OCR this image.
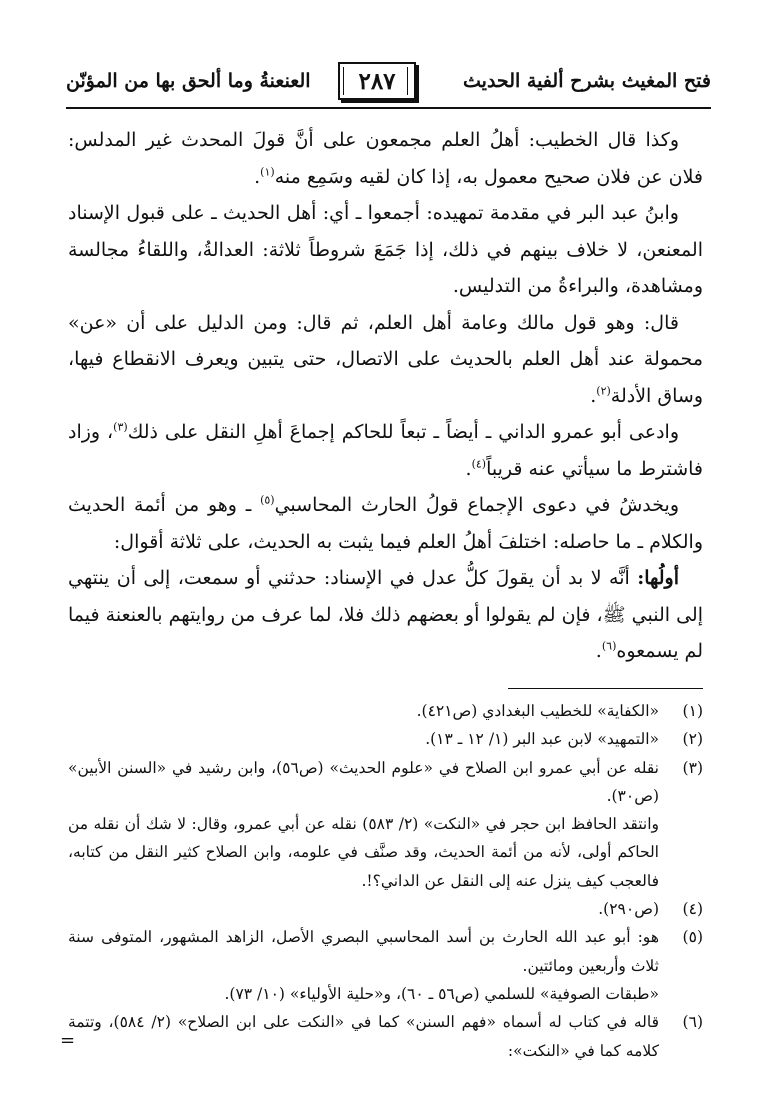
فتح المغيث بشرح ألفية الحديث
٢٨٧
العنعنةُ وما ألحق بها من المؤنّن

وكذا قال الخطيب: أهلُ العلم مجمعون على أنَّ قولَ المحدث غير المدلس: فلان عن فلان صحيح معمول به، إذا كان لقيه وسَمِع منه$^{(١)}$.

وابنُ عبد البر في مقدمة تمهيده: أجمعوا ـ أي: أهل الحديث ـ على قبول الإسناد المعنعن، لا خلاف بينهم في ذلك، إذا جَمَعَ شروطاً ثلاثة: العدالةُ، واللقاءُ مجالسة ومشاهدة، والبراءةُ من التدليس.

قال: وهو قول مالك وعامة أهل العلم، ثم قال: ومن الدليل على أن «عن» محمولة عند أهل العلم بالحديث على الاتصال، حتى يتبين ويعرف الانقطاع فيها، وساق الأدلة$^{(٢)}$.

وادعى أبو عمرو الداني ـ أيضاً ـ تبعاً للحاكم إجماعَ أهلِ النقل على ذلك$^{(٣)}$، وزاد فاشترط ما سيأتي عنه قريباً$^{(٤)}$.

ويخدشُ في دعوى الإجماع قولُ الحارث المحاسبي$^{(٥)}$ ـ وهو من أئمة الحديث والكلام ـ ما حاصله: اختلفَ أهلُ العلم فيما يثبت به الحديث، على ثلاثة أقوال:

أولُها: أنَّه لا بد أن يقولَ كلُّ عدل في الإسناد: حدثني أو سمعت، إلى أن ينتهي إلى النبي ﷺ، فإن لم يقولوا أو بعضهم ذلك فلا، لما عرف من روايتهم بالعنعنة فيما لم يسمعوه$^{(٦)}$.

(١)

«الكفاية» للخطيب البغدادي (ص٤٢١).

(٢)

«التمهيد» لابن عبد البر (١/ ١٢ ـ ١٣).

(٣)

نقله عن أبي عمرو ابن الصلاح في «علوم الحديث» (ص٥٦)، وابن رشيد في «السنن الأبين» (ص٣٠).

وانتقد الحافظ ابن حجر في «النكت» (٢/ ٥٨٣) نقله عن أبي عمرو، وقال: لا شك أن نقله من الحاكم أولى، لأنه من أئمة الحديث، وقد صنَّف في علومه، وابن الصلاح كثير النقل من كتابه، فالعجب كيف ينزل عنه إلى النقل عن الداني؟!.

(٤)

(ص٢٩٠).

(٥)

هو: أبو عبد الله الحارث بن أسد المحاسبي البصري الأصل، الزاهد المشهور، المتوفى سنة ثلاث وأربعين ومائتين.

«طبقات الصوفية» للسلمي (ص٥٦ ـ ٦٠)، و«حلية الأولياء» (١٠/ ٧٣).

(٦)

قاله في كتاب له أسماه «فهم السنن» كما في «النكت على ابن الصلاح» (٢/ ٥٨٤)، وتتمة كلامه كما في «النكت»:

=
